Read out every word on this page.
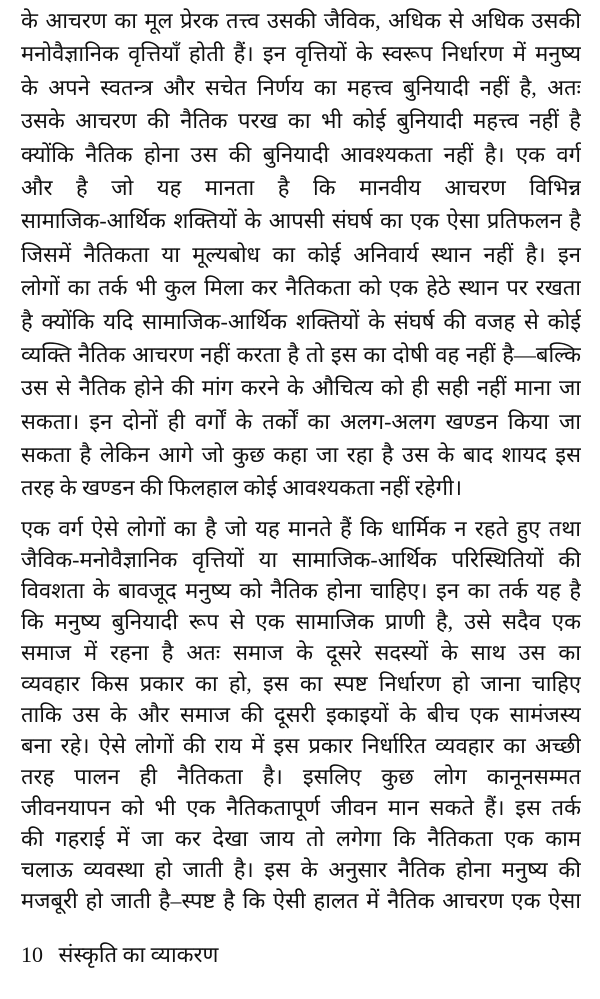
के आचरण का मूल प्रेरक तत्त्व उसकी जैविक, अधिक से अधिक उसकी
मनोवैज्ञानिक वृत्तियाँ होती हैं। इन वृत्तियों के स्वरूप निर्धारण में मनुष्य
के अपने स्वतन्त्र और सचेत निर्णय का महत्त्व बुनियादी नहीं है, अतः
उसके आचरण की नैतिक परख का भी कोई बुनियादी महत्त्व नहीं है
क्योंकि नैतिक होना उस की बुनियादी आवश्यकता नहीं है। एक वर्ग
और है जो यह मानता है कि मानवीय आचरण विभिन्न
सामाजिक-आर्थिक शक्तियों के आपसी संघर्ष का एक ऐसा प्रतिफलन है
जिसमें नैतिकता या मूल्यबोध का कोई अनिवार्य स्थान नहीं है। इन
लोगों का तर्क भी कुल मिला कर नैतिकता को एक हेठे स्थान पर रखता
है क्योंकि यदि सामाजिक-आर्थिक शक्तियों के संघर्ष की वजह से कोई
व्यक्ति नैतिक आचरण नहीं करता है तो इस का दोषी वह नहीं है—बल्कि
उस से नैतिक होने की मांग करने के औचित्य को ही सही नहीं माना जा
सकता। इन दोनों ही वर्गों के तर्कों का अलग-अलग खण्डन किया जा
सकता है लेकिन आगे जो कुछ कहा जा रहा है उस के बाद शायद इस
तरह के खण्डन की फिलहाल कोई आवश्यकता नहीं रहेगी।
एक वर्ग ऐसे लोगों का है जो यह मानते हैं कि धार्मिक न रहते हुए तथा
जैविक-मनोवैज्ञानिक वृत्तियों या सामाजिक-आर्थिक परिस्थितियों की
विवशता के बावजूद मनुष्य को नैतिक होना चाहिए। इन का तर्क यह है
कि मनुष्य बुनियादी रूप से एक सामाजिक प्राणी है, उसे सदैव एक
समाज में रहना है अतः समाज के दूसरे सदस्यों के साथ उस का
व्यवहार किस प्रकार का हो, इस का स्पष्ट निर्धारण हो जाना चाहिए
ताकि उस के और समाज की दूसरी इकाइयों के बीच एक सामंजस्य
बना रहे। ऐसे लोगों की राय में इस प्रकार निर्धारित व्यवहार का अच्छी
तरह पालन ही नैतिकता है। इसलिए कुछ लोग कानूनसम्मत
जीवनयापन को भी एक नैतिकतापूर्ण जीवन मान सकते हैं। इस तर्क
की गहराई में जा कर देखा जाय तो लगेगा कि नैतिकता एक काम
चलाऊ व्यवस्था हो जाती है। इस के अनुसार नैतिक होना मनुष्य की
मजबूरी हो जाती है–स्पष्ट है कि ऐसी हालत में नैतिक आचरण एक ऐसा
10 संस्कृति का व्याकरण
